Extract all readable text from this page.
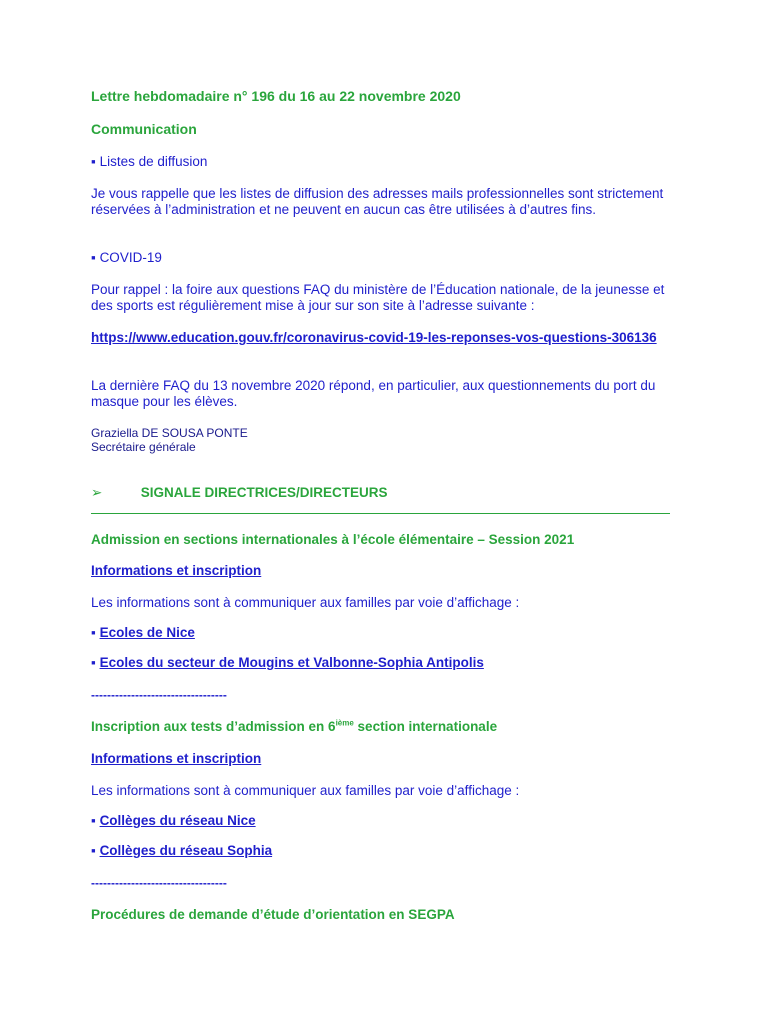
Lettre hebdomadaire n° 196 du 16 au 22 novembre 2020

Communication

▪ Listes de diffusion

Je vous rappelle que les listes de diffusion des adresses mails professionnelles sont strictement réservées à l’administration et ne peuvent en aucun cas être utilisées à d’autres fins.

▪ COVID-19

Pour rappel : la foire aux questions FAQ du ministère de l’Éducation nationale, de la jeunesse et des sports est régulièrement mise à jour sur son site à l’adresse suivante :

https://www.education.gouv.fr/coronavirus-covid-19-les-reponses-vos-questions-306136

La dernière FAQ du 13 novembre 2020 répond, en particulier, aux questionnements du port du masque pour les élèves.

Graziella DE SOUSA PONTE

Secrétaire générale

➢	SIGNALE DIRECTRICES/DIRECTEURS

Admission en sections internationales à l’école élémentaire – Session 2021

Informations et inscription

Les informations sont à communiquer aux familles par voie d’affichage :

▪ Ecoles de Nice

▪ Ecoles du secteur de Mougins et Valbonne-Sophia Antipolis

----------------------------------

Inscription aux tests d’admission en 6ième section internationale

Informations et inscription

Les informations sont à communiquer aux familles par voie d’affichage :

▪ Collèges du réseau Nice

▪ Collèges du réseau Sophia

----------------------------------

Procédures de demande d’étude d’orientation en SEGPA
